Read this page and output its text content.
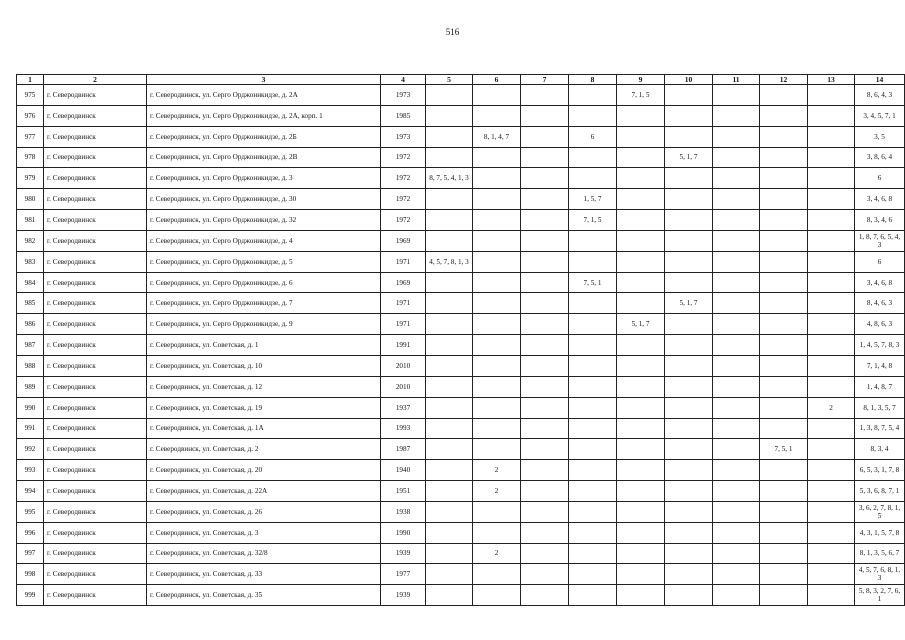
516
1	2	3	4	5	6	7	8	9	10	11	12	13	14
975	г. Северодвинск	г. Северодвинск, ул. Серго Орджоникидзе, д. 2А	1973					7, 1, 5					8, 6, 4, 3
976	г. Северодвинск	г. Северодвинск, ул. Серго Орджоникидзе, д. 2А, корп. 1	1985										3, 4, 5, 7, 1
977	г. Северодвинск	г. Северодвинск, ул. Серго Орджоникидзе, д. 2Б	1973		8, 1, 4, 7		6						3, 5
978	г. Северодвинск	г. Северодвинск, ул. Серго Орджоникидзе, д. 2В	1972						5, 1, 7				3, 8, 6, 4
979	г. Северодвинск	г. Северодвинск, ул. Серго Орджоникидзе, д. 3	1972	8, 7, 5, 4, 1, 3									6
980	г. Северодвинск	г. Северодвинск, ул. Серго Орджоникидзе, д. 30	1972				1, 5, 7						3, 4, 6, 8
981	г. Северодвинск	г. Северодвинск, ул. Серго Орджоникидзе, д. 32	1972				7, 1, 5						8, 3, 4, 6
982	г. Северодвинск	г. Северодвинск, ул. Серго Орджоникидзе, д. 4	1969										1, 8, 7, 6, 5, 4, 3
983	г. Северодвинск	г. Северодвинск, ул. Серго Орджоникидзе, д. 5	1971	4, 5, 7, 8, 1, 3									6
984	г. Северодвинск	г. Северодвинск, ул. Серго Орджоникидзе, д. 6	1969				7, 5, 1						3, 4, 6, 8
985	г. Северодвинск	г. Северодвинск, ул. Серго Орджоникидзе, д. 7	1971						5, 1, 7				8, 4, 6, 3
986	г. Северодвинск	г. Северодвинск, ул. Серго Орджоникидзе, д. 9	1971					5, 1, 7					4, 8, 6, 3
987	г. Северодвинск	г. Северодвинск, ул. Советская, д. 1	1991										1, 4, 5, 7, 8, 3
988	г. Северодвинск	г. Северодвинск, ул. Советская, д. 10	2010										7, 1, 4, 8
989	г. Северодвинск	г. Северодвинск, ул. Советская, д. 12	2010										1, 4, 8, 7
990	г. Северодвинск	г. Северодвинск, ул. Советская, д. 19	1937									2	8, 1, 3, 5, 7
991	г. Северодвинск	г. Северодвинск, ул. Советская, д. 1А	1993										1, 3, 8, 7, 5, 4
992	г. Северодвинск	г. Северодвинск, ул. Советская, д. 2	1987								7, 5, 1		8, 3, 4
993	г. Северодвинск	г. Северодвинск, ул. Советская, д. 20	1940		2								6, 5, 3, 1, 7, 8
994	г. Северодвинск	г. Северодвинск, ул. Советская, д. 22А	1951		2								5, 3, 6, 8, 7, 1
995	г. Северодвинск	г. Северодвинск, ул. Советская, д. 26	1938										3, 6, 2, 7, 8, 1, 5
996	г. Северодвинск	г. Северодвинск, ул. Советская, д. 3	1990										4, 3, 1, 5, 7, 8
997	г. Северодвинск	г. Северодвинск, ул. Советская, д. 32/8	1939		2								8, 1, 3, 5, 6, 7
998	г. Северодвинск	г. Северодвинск, ул. Советская, д. 33	1977										4, 5, 7, 6, 8, 1, 3
999	г. Северодвинск	г. Северодвинск, ул. Советская, д. 35	1939										5, 8, 3, 2, 7, 6, 1
